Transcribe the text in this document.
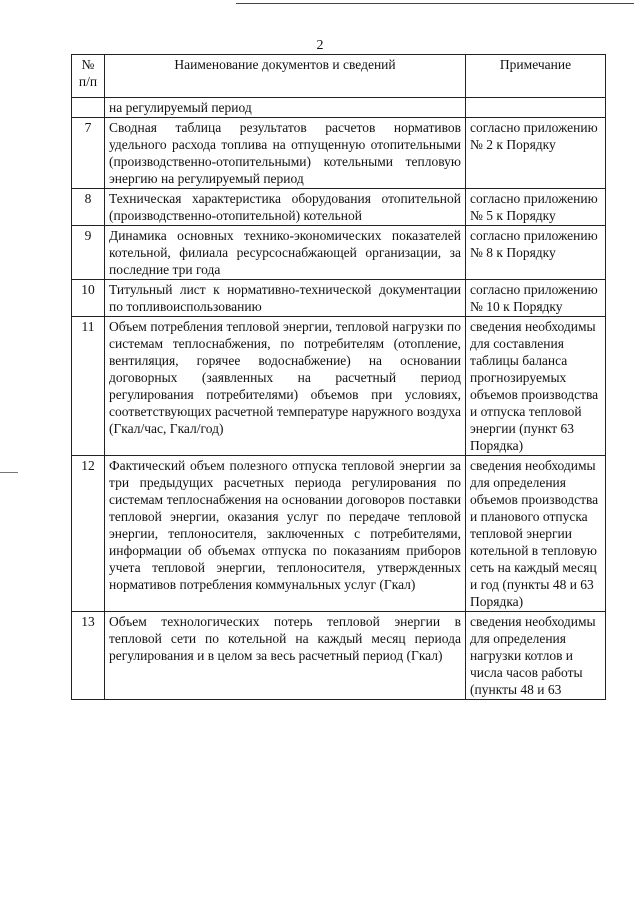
2
№ п/п	Наименование документов и сведений	Примечание
	на регулируемый период	
7	Сводная таблица результатов расчетов нормативов удельного расхода топлива на отпущенную отопительными (производственно-отопительными) котельными тепловую энергию на регулируемый период	согласно приложению № 2 к Порядку
8	Техническая характеристика оборудования отопительной (производственно-отопительной) котельной	согласно приложению № 5 к Порядку
9	Динамика основных технико-экономических показателей котельной, филиала ресурсоснабжающей организации, за последние три года	согласно приложению № 8 к Порядку
10	Титульный лист к нормативно-технической документации по топливоиспользованию	согласно приложению № 10 к Порядку
11	Объем потребления тепловой энергии, тепловой нагрузки по системам теплоснабжения, по потребителям (отопление, вентиляция, горячее водоснабжение) на основании договорных (заявленных на расчетный период регулирования потребителями) объемов при условиях, соответствующих расчетной температуре наружного воздуха (Гкал/час, Гкал/год)	сведения необходимы для составления таблицы баланса прогнозируемых объемов производства и отпуска тепловой энергии (пункт 63 Порядка)
12	Фактический объем полезного отпуска тепловой энергии за три предыдущих расчетных периода регулирования по системам теплоснабжения на основании договоров поставки тепловой энергии, оказания услуг по передаче тепловой энергии, теплоносителя, заключенных с потребителями, информации об объемах отпуска по показаниям приборов учета тепловой энергии, теплоносителя, утвержденных нормативов потребления коммунальных услуг (Гкал)	сведения необходимы для определения объемов производства и планового отпуска тепловой энергии котельной в тепловую сеть на каждый месяц и год (пункты 48 и 63 Порядка)
13	Объем технологических потерь тепловой энергии в тепловой сети по котельной на каждый месяц периода регулирования и в целом за весь расчетный период (Гкал)	сведения необходимы для определения нагрузки котлов и числа часов работы (пункты 48 и 63
